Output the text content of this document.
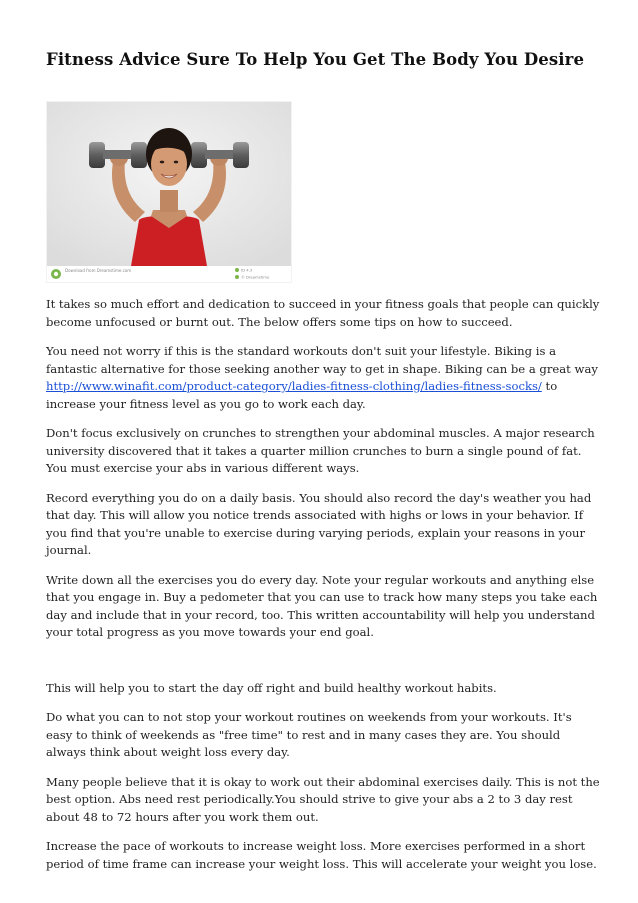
Fitness Advice Sure To Help You Get The Body You Desire
Download from Dreamstime.com	ID 4.3
© Dreamstime

It takes so much effort and dedication to succeed in your fitness goals that people can quickly become unfocused or burnt out. The below offers some tips on how to succeed.

You need not worry if this is the standard workouts don't suit your lifestyle. Biking is a fantastic alternative for those seeking another way to get in shape. Biking can be a great way http://www.winafit.com/product-category/ladies-fitness-clothing/ladies-fitness-socks/ to increase your fitness level as you go to work each day.

Don't focus exclusively on crunches to strengthen your abdominal muscles. A major research university discovered that it takes a quarter million crunches to burn a single pound of fat. You must exercise your abs in various different ways.

Record everything you do on a daily basis. You should also record the day's weather you had that day. This will allow you notice trends associated with highs or lows in your behavior. If you find that you're unable to exercise during varying periods, explain your reasons in your journal.

Write down all the exercises you do every day. Note your regular workouts and anything else that you engage in. Buy a pedometer that you can use to track how many steps you take each day and include that in your record, too. This written accountability will help you understand your total progress as you move towards your end goal.

This will help you to start the day off right and build healthy workout habits.

Do what you can to not stop your workout routines on weekends from your workouts. It's easy to think of weekends as "free time" to rest and in many cases they are. You should always think about weight loss every day.

Many people believe that it is okay to work out their abdominal exercises daily. This is not the best option. Abs need rest periodically.You should strive to give your abs a 2 to 3 day rest about 48 to 72 hours after you work them out.

Increase the pace of workouts to increase weight loss. More exercises performed in a short period of time frame can increase your weight loss. This will accelerate your weight you lose.
